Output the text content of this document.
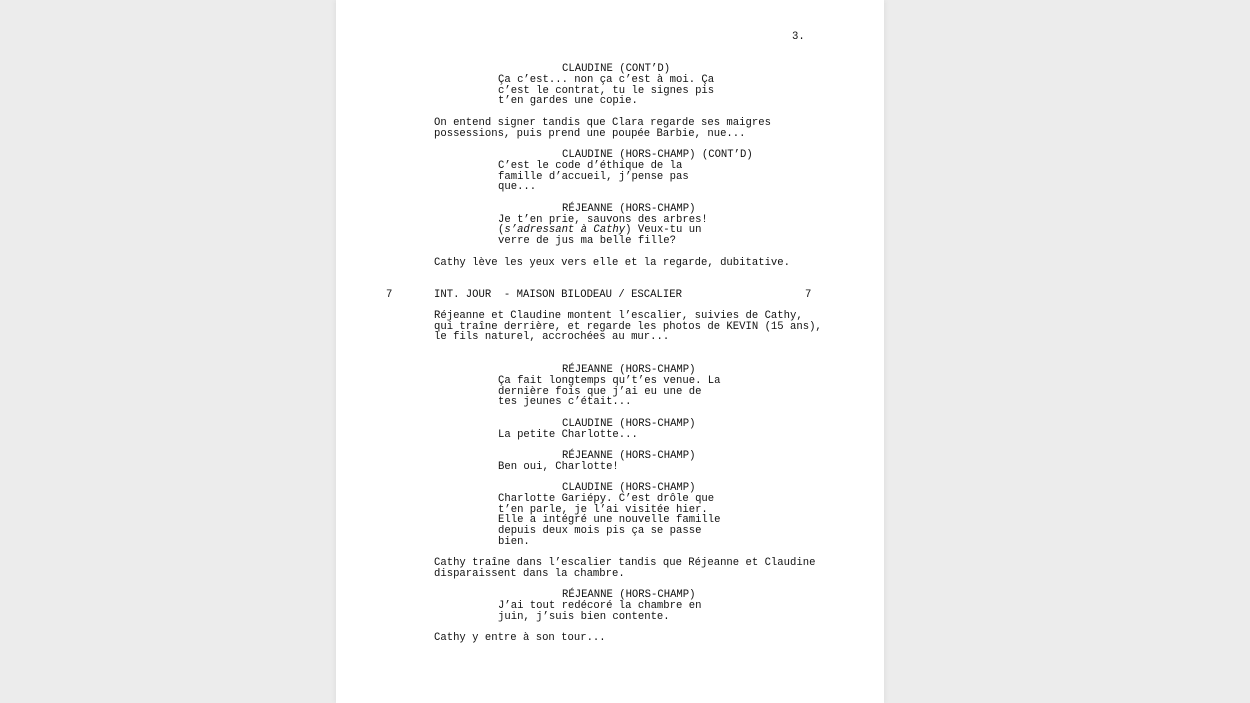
3.
CLAUDINE (CONT’D)
Ça c’est... non ça c’est à moi. Ça
c’est le contrat, tu le signes pis
t’en gardes une copie.
On entend signer tandis que Clara regarde ses maigres
possessions, puis prend une poupée Barbie, nue...
CLAUDINE (HORS-CHAMP) (CONT’D)
C’est le code d’éthique de la
famille d’accueil, j’pense pas
que...
RÉJEANNE (HORS-CHAMP)
Je t’en prie, sauvons des arbres!
(s’adressant à Cathy) Veux-tu un
verre de jus ma belle fille?
Cathy lève les yeux vers elle et la regarde, dubitative.
7	INT. JOUR  - MAISON BILODEAU / ESCALIER	7
Réjeanne et Claudine montent l’escalier, suivies de Cathy,
qui traîne derrière, et regarde les photos de KEVIN (15 ans),
le fils naturel, accrochées au mur...
RÉJEANNE (HORS-CHAMP)
Ça fait longtemps qu’t’es venue. La
dernière fois que j’ai eu une de
tes jeunes c’était...
CLAUDINE (HORS-CHAMP)
La petite Charlotte...
RÉJEANNE (HORS-CHAMP)
Ben oui, Charlotte!
CLAUDINE (HORS-CHAMP)
Charlotte Gariépy. C’est drôle que
t’en parle, je l’ai visitée hier.
Elle a intégré une nouvelle famille
depuis deux mois pis ça se passe
bien.
Cathy traîne dans l’escalier tandis que Réjeanne et Claudine
disparaissent dans la chambre.
RÉJEANNE (HORS-CHAMP)
J’ai tout redécoré la chambre en
juin, j’suis bien contente.
Cathy y entre à son tour...
